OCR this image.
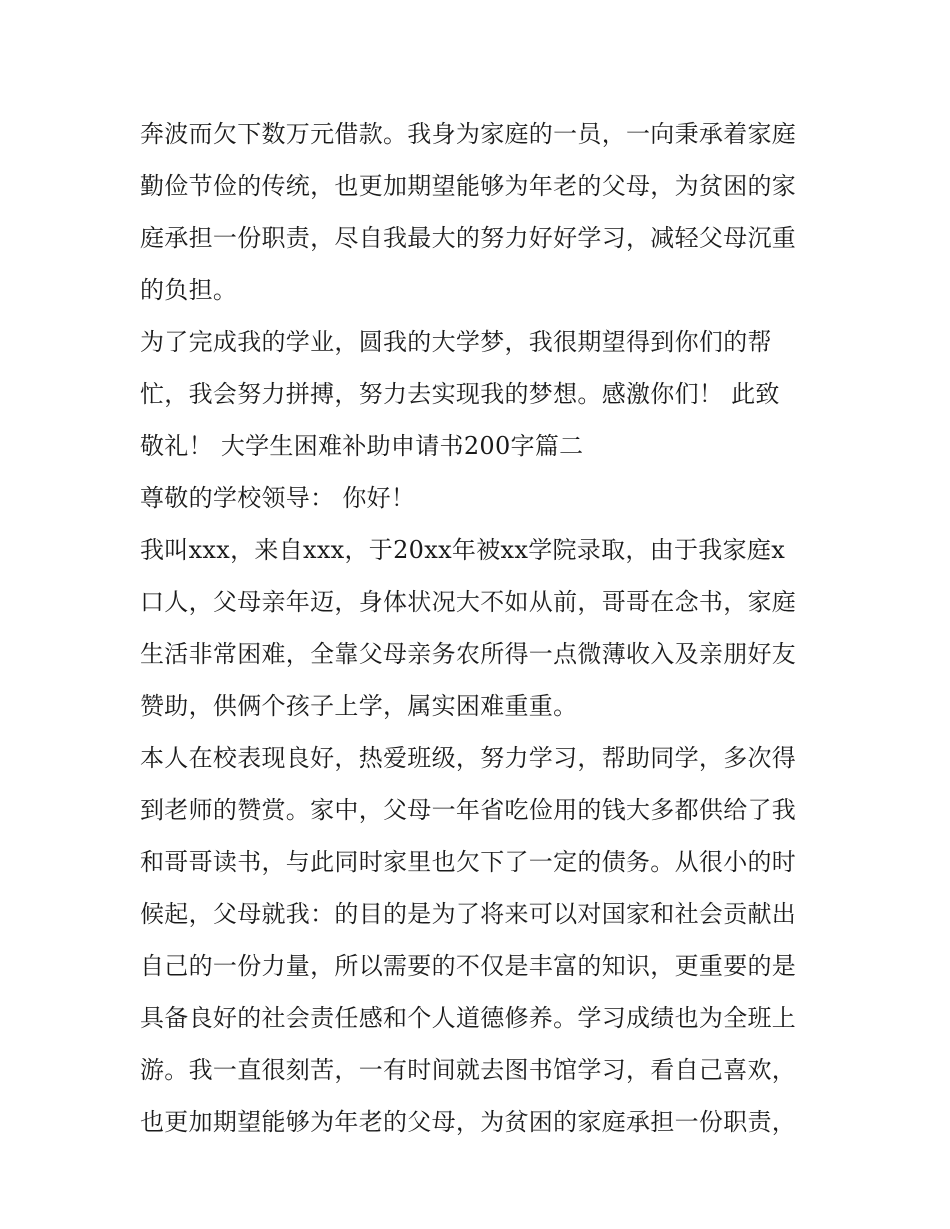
奔波而欠下数万元借款。我身为家庭的一员，一向秉承着家庭
勤俭节俭的传统，也更加期望能够为年老的父母，为贫困的家
庭承担一份职责，尽自我最大的努力好好学习，减轻父母沉重
的负担。
为了完成我的学业，圆我的大学梦，我很期望得到你们的帮
忙，我会努力拼搏，努力去实现我的梦想。感激你们！ 此致
敬礼！ 大学生困难补助申请书200字篇二
尊敬的学校领导： 你好！
我叫xxx，来自xxx，于20xx年被xx学院录取，由于我家庭x
口人，父母亲年迈，身体状况大不如从前，哥哥在念书，家庭
生活非常困难，全靠父母亲务农所得一点微薄收入及亲朋好友
赞助，供俩个孩子上学，属实困难重重。
本人在校表现良好，热爱班级，努力学习，帮助同学，多次得
到老师的赞赏。家中，父母一年省吃俭用的钱大多都供给了我
和哥哥读书，与此同时家里也欠下了一定的债务。从很小的时
候起，父母就我：的目的是为了将来可以对国家和社会贡献出
自己的一份力量，所以需要的不仅是丰富的知识，更重要的是
具备良好的社会责任感和个人道德修养。学习成绩也为全班上
游。我一直很刻苦，一有时间就去图书馆学习，看自己喜欢，
也更加期望能够为年老的父母，为贫困的家庭承担一份职责，
